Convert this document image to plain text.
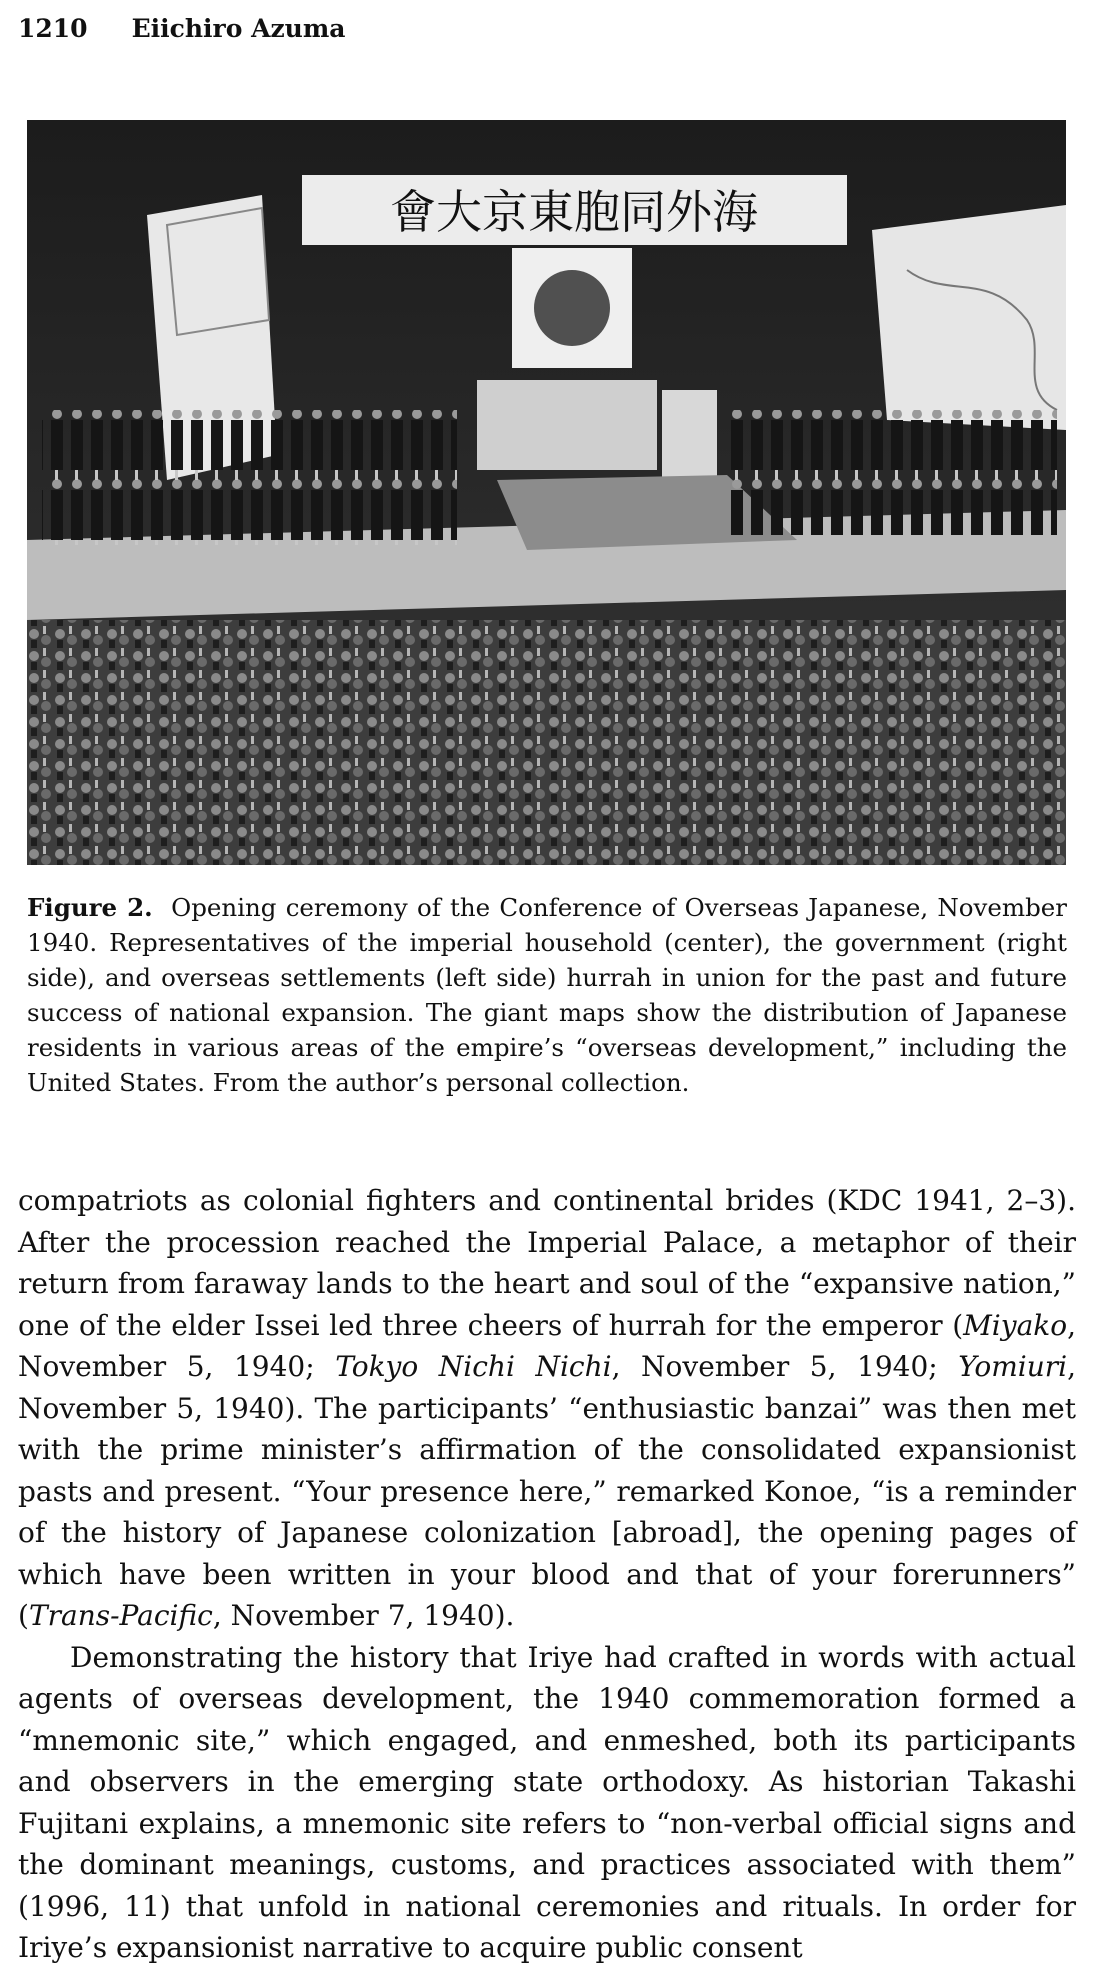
1210 Eiichiro Azuma
會大京東胞同外海
Figure 2. Opening ceremony of the Conference of Overseas Japanese, November 1940. Representatives of the imperial household (center), the government (right side), and overseas settlements (left side) hurrah in union for the past and future success of national expansion. The giant maps show the distribution of Japanese residents in various areas of the empire’s “overseas development,” including the United States. From the author’s personal collection.

compatriots as colonial fighters and continental brides (KDC 1941, 2–3). After the procession reached the Imperial Palace, a metaphor of their return from faraway lands to the heart and soul of the “expansive nation,” one of the elder Issei led three cheers of hurrah for the emperor (Miyako, November 5, 1940; Tokyo Nichi Nichi, November 5, 1940; Yomiuri, November 5, 1940). The participants’ “enthusiastic banzai” was then met with the prime minister’s affirmation of the consolidated expansionist pasts and present. “Your presence here,” remarked Konoe, “is a reminder of the history of Japanese colonization [abroad], the opening pages of which have been written in your blood and that of your forerunners” (Trans-Pacific, November 7, 1940).

Demonstrating the history that Iriye had crafted in words with actual agents of overseas development, the 1940 commemoration formed a “mnemonic site,” which engaged, and enmeshed, both its participants and observers in the emerging state orthodoxy. As historian Takashi Fujitani explains, a mnemonic site refers to “non-verbal official signs and the dominant meanings, customs, and practices associated with them” (1996, 11) that unfold in national ceremonies and rituals. In order for Iriye’s expansionist narrative to acquire public consent
